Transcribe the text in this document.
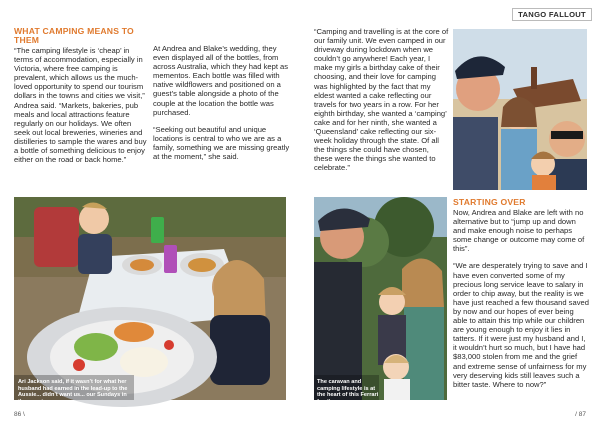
TANGO FALLOUT
WHAT CAMPING MEANS TO THEM

“The camping lifestyle is ‘cheap’ in terms of accommodation, especially in Victoria, where free camping is prevalent, which allows us the much-loved opportunity to spend our tourism dollars in the towns and cities we visit,” Andrea said. “Markets, bakeries, pub meals and local attractions feature regularly on our holidays. We often seek out local breweries, wineries and distilleries to sample the wares and buy a bottle of something delicious to enjoy either on the road or back home.”

At Andrea and Blake’s wedding, they even displayed all of the bottles, from across Australia, which they had kept as mementos. Each bottle was filled with native wildflowers and positioned on a guest’s table alongside a photo of the couple at the location the bottle was purchased.

“Seeking out beautiful and unique locations is central to who we are as a family, something we are missing greatly at the moment,” she said.

Ari Jackson said, if it wasn’t for what her husband had earned in the lead-up to the Aussie... didn’t want us... our Sundays in the country...
86 \

“Camping and travelling is at the core of our family unit. We even camped in our driveway during lockdown when we couldn’t go anywhere! Each year, I make my girls a birthday cake of their choosing, and their love for camping was highlighted by the fact that my eldest wanted a cake reflecting our travels for two years in a row. For her eighth birthday, she wanted a ‘camping’ cake and for her ninth, she wanted a ‘Queensland’ cake reflecting our six-week holiday through the state. Of all the things she could have chosen, these were the things she wanted to celebrate.”

STARTING OVER

Now, Andrea and Blake are left with no alternative but to “jump up and down and make enough noise to perhaps some change or outcome may come of this”.

“We are desperately trying to save and I have even converted some of my precious long service leave to salary in order to chip away, but the reality is we have just reached a few thousand saved by now and our hopes of ever being able to attain this trip while our children are young enough to enjoy it lies in tatters. If it were just my husband and I, it wouldn’t hurt so much, but I have had $83,000 stolen from me and the grief and extreme sense of unfairness for my very deserving kids still leaves such a bitter taste. Where to now?”

The caravan and camping lifestyle is at the heart of this Ferrari family.
/ 87
